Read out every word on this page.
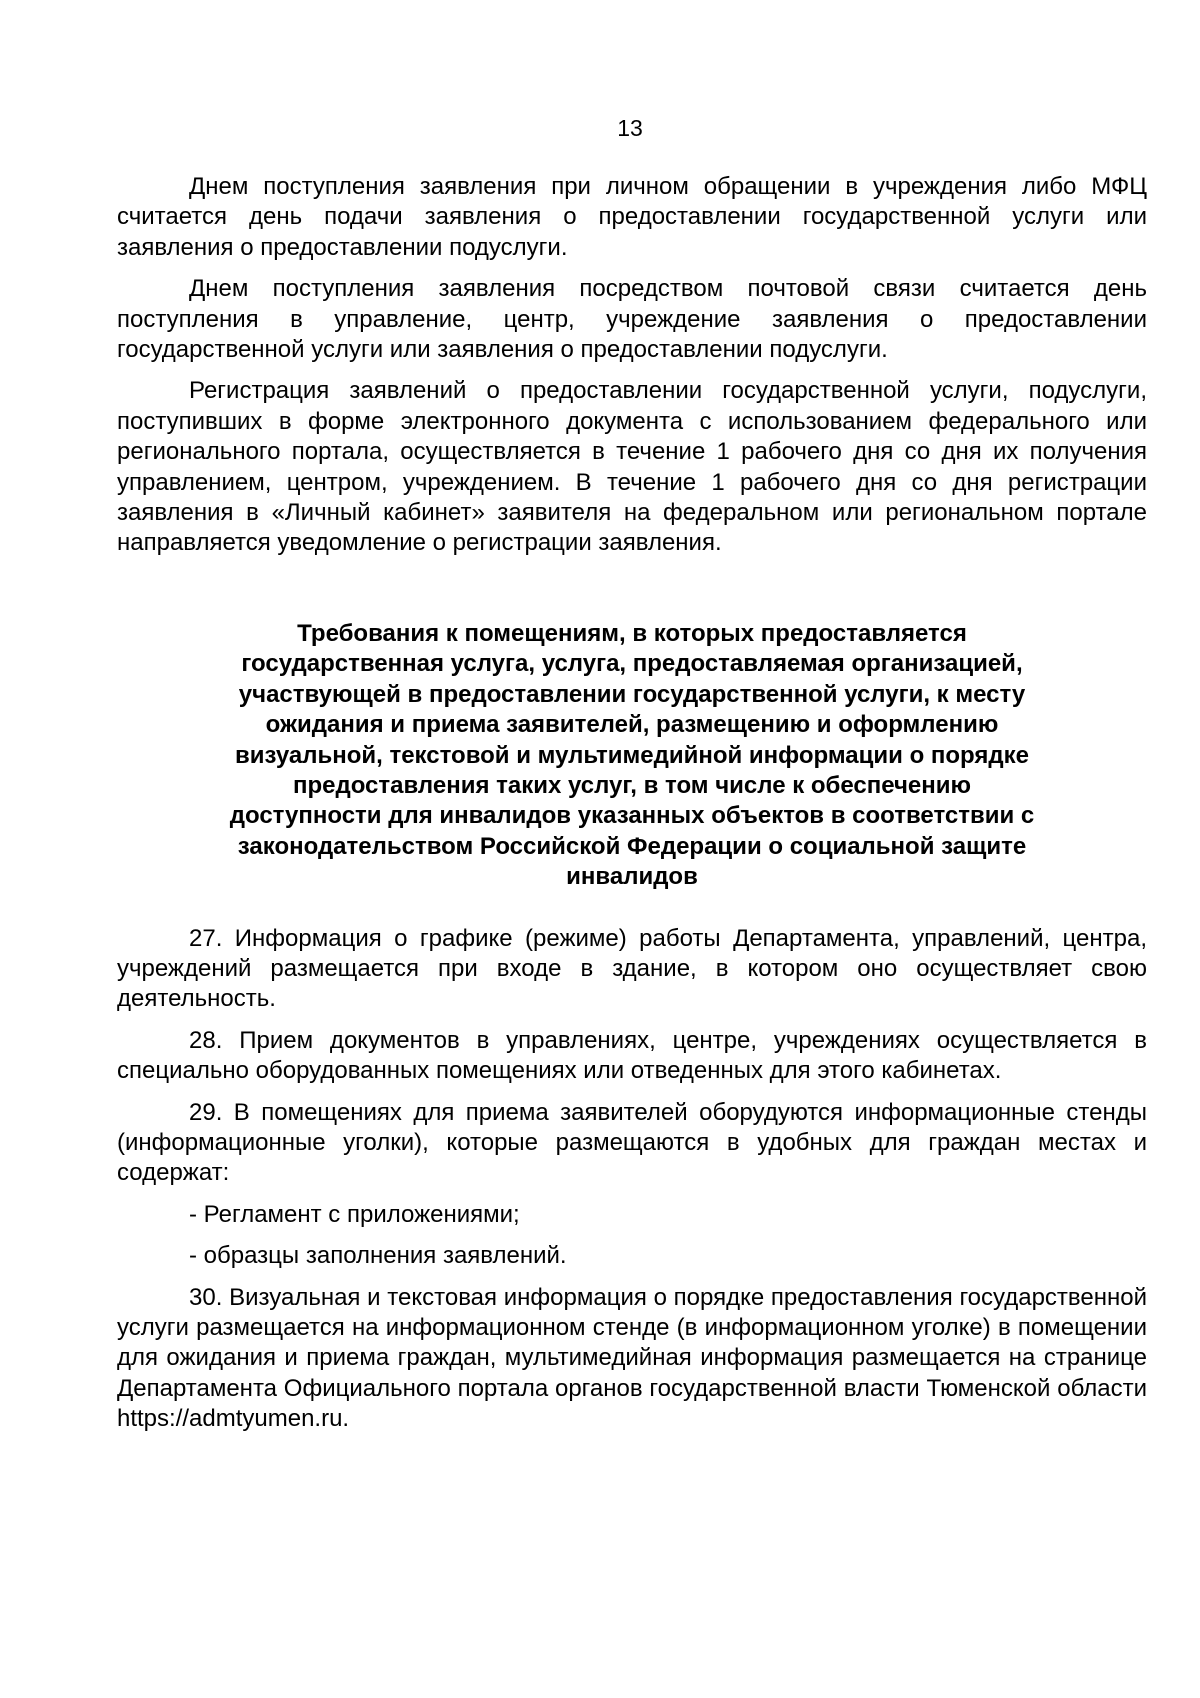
13

Днем поступления заявления при личном обращении в учреждения либо МФЦ считается день подачи заявления о предоставлении государственной услуги или заявления о предоставлении подуслуги.

Днем поступления заявления посредством почтовой связи считается день поступления в управление, центр, учреждение заявления о предоставлении государственной услуги или заявления о предоставлении подуслуги.

Регистрация заявлений о предоставлении государственной услуги, подуслуги, поступивших в форме электронного документа с использованием федерального или регионального портала, осуществляется в течение 1 рабочего дня со дня их получения управлением, центром, учреждением. В течение 1 рабочего дня со дня регистрации заявления в «Личный кабинет» заявителя на федеральном или региональном портале направляется уведомление о регистрации заявления.

Требования к помещениям, в которых предоставляется государственная услуга, услуга, предоставляемая организацией, участвующей в предоставлении государственной услуги, к месту ожидания и приема заявителей, размещению и оформлению визуальной, текстовой и мультимедийной информации о порядке предоставления таких услуг, в том числе к обеспечению доступности для инвалидов указанных объектов в соответствии с законодательством Российской Федерации о социальной защите инвалидов

27. Информация о графике (режиме) работы Департамента, управлений, центра, учреждений размещается при входе в здание, в котором оно осуществляет свою деятельность.

28. Прием документов в управлениях, центре, учреждениях осуществляется в специально оборудованных помещениях или отведенных для этого кабинетах.

29. В помещениях для приема заявителей оборудуются информационные стенды (информационные уголки), которые размещаются в удобных для граждан местах и содержат:

- Регламент с приложениями;

- образцы заполнения заявлений.

30. Визуальная и текстовая информация о порядке предоставления государственной услуги размещается на информационном стенде (в информационном уголке) в помещении для ожидания и приема граждан, мультимедийная информация размещается на странице Департамента Официального портала органов государственной власти Тюменской области https://admtyumen.ru.
